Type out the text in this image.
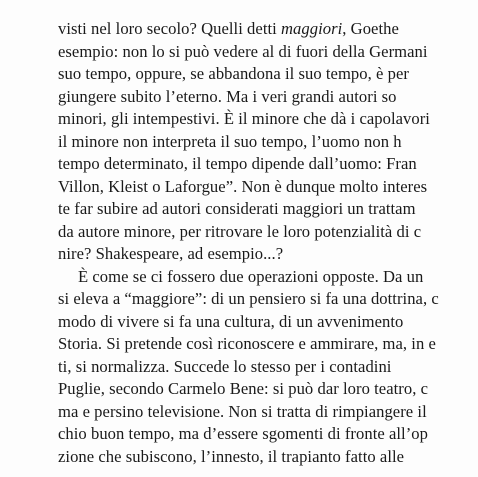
visti nel loro secolo? Quelli detti maggiori, Goethe
esempio: non lo si può vedere al di fuori della Germani
suo tempo, oppure, se abbandona il suo tempo, è per
giungere subito l’eterno. Ma i veri grandi autori so
minori, gli intempestivi. È il minore che dà i capolavori
il minore non interpreta il suo tempo, l’uomo non h
tempo determinato, il tempo dipende dall’uomo: Fran
Villon, Kleist o Laforgue”. Non è dunque molto interes
te far subire ad autori considerati maggiori un trattam
da autore minore, per ritrovare le loro potenzialità di c
nire? Shakespeare, ad esempio...?
È come se ci fossero due operazioni opposte. Da un
si eleva a “maggiore”: di un pensiero si fa una dottrina, c
modo di vivere si fa una cultura, di un avvenimento
Storia. Si pretende così riconoscere e ammirare, ma, in e
ti, si normalizza. Succede lo stesso per i contadini
Puglie, secondo Carmelo Bene: si può dar loro teatro, c
ma e persino televisione. Non si tratta di rimpiangere il
chio buon tempo, ma d’essere sgomenti di fronte all’op
zione che subiscono, l’innesto, il trapianto fatto alle
